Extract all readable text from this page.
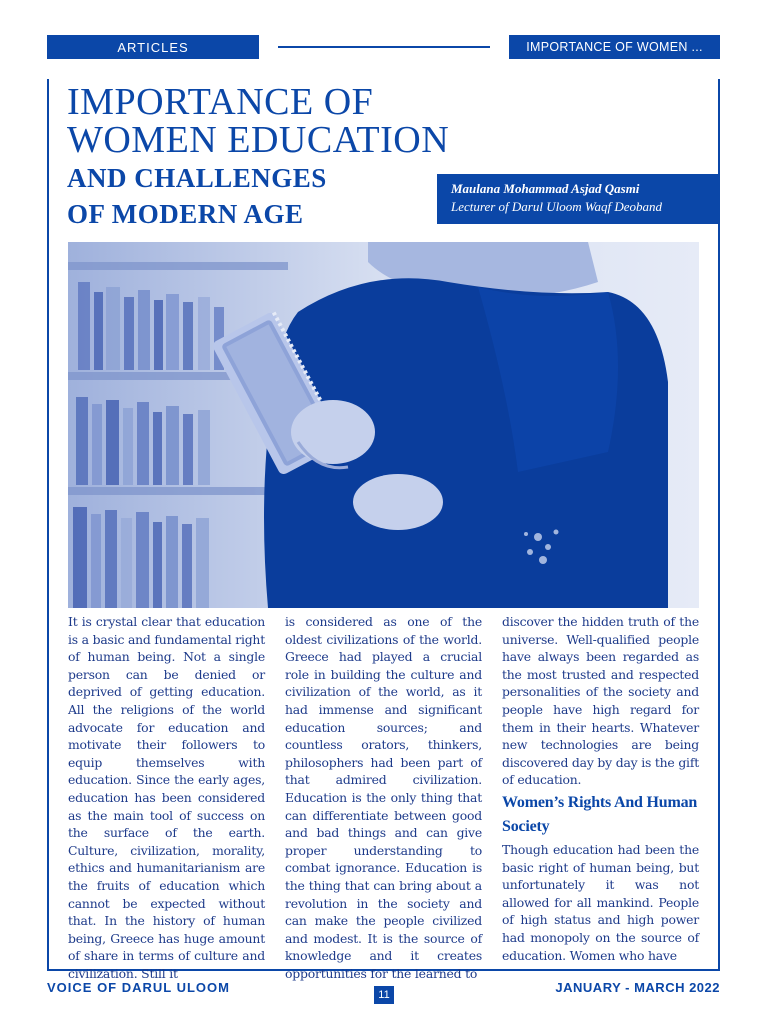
ARTICLES	IMPORTANCE OF WOMEN ...
IMPORTANCE OF
WOMEN EDUCATION
AND CHALLENGES
OF MODERN AGE
Maulana Mohammad Asjad Qasmi
Lecturer of Darul Uloom Waqf Deoband

It is crystal clear that education is a basic and fundamental right of human being. Not a single person can be denied or deprived of getting education. All the religions of the world advocate for education and motivate their followers to equip themselves with education. Since the early ages, education has been considered as the main tool of success on the surface of the earth. Culture, civilization, morality, ethics and humanitarianism are the fruits of education which cannot be expected without that. In the history of human being, Greece has huge amount of share in terms of culture and civilization. Still it

is considered as one of the oldest civilizations of the world. Greece had played a crucial role in building the culture and civilization of the world, as it had immense and significant education sources; and countless orators, thinkers, philosophers had been part of that admired civilization. Education is the only thing that can differentiate between good and bad things and can give proper understanding to combat ignorance. Education is the thing that can bring about a revolution in the society and can make the people civilized and modest. It is the source of knowledge and it creates opportunities for the learned to

discover the hidden truth of the universe. Well-qualified people have always been regarded as the most trusted and respected personalities of the society and people have high regard for them in their hearts. Whatever new technologies are being discovered day by day is the gift of education.

Women’s Rights And Human Society

Though education had been the basic right of human being, but unfortunately it was not allowed for all mankind. People of high status and high power had monopoly on the source of education. Women who have

VOICE OF DARUL ULOOM	11	JANUARY - MARCH 2022
